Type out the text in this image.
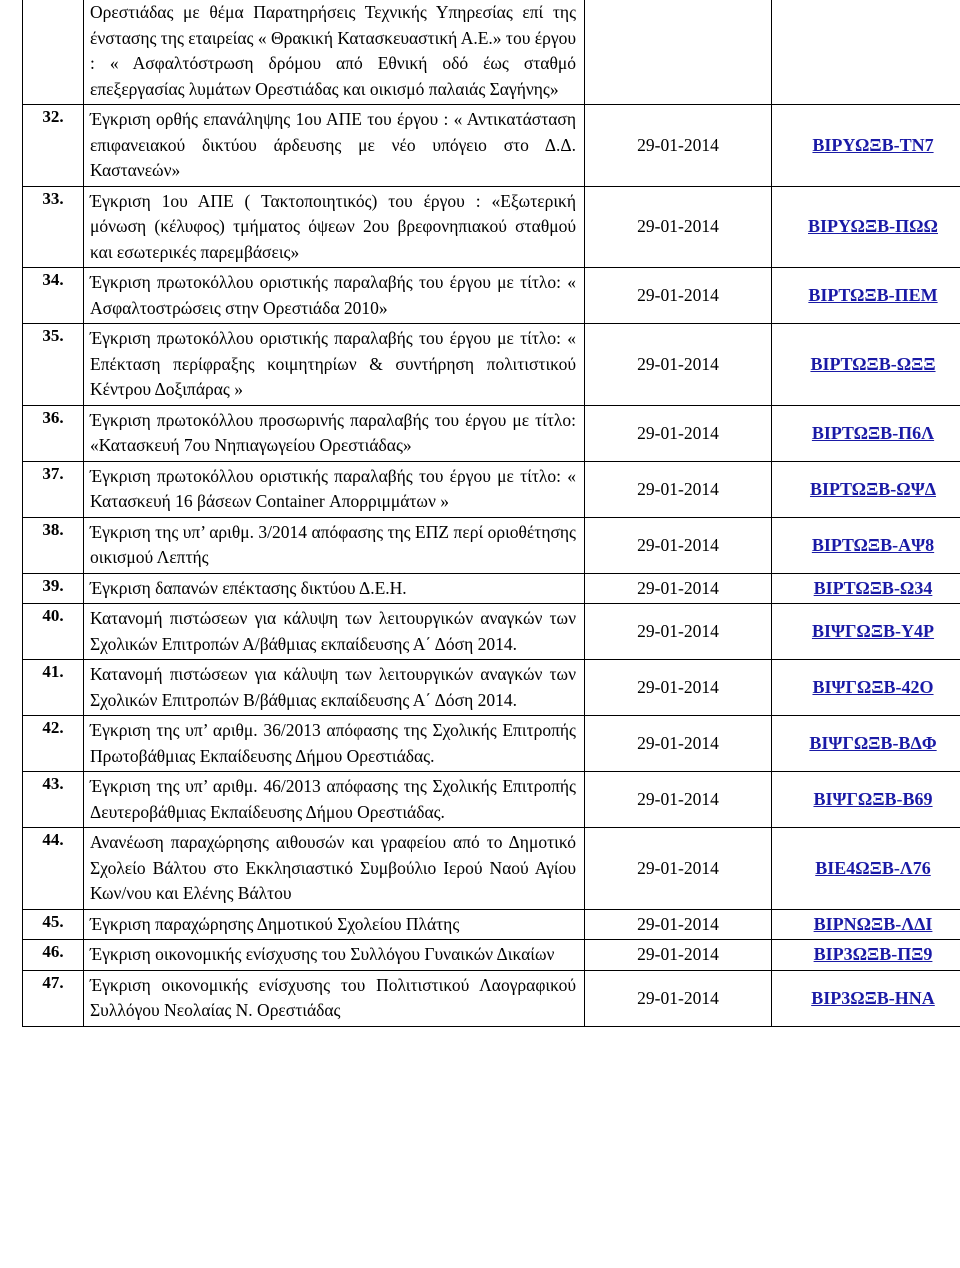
	Ορεστιάδας με θέμα Παρατηρήσεις Τεχνικής Υπηρεσίας επί της ένστασης της εταιρείας « Θρακική Κατασκευαστική Α.Ε.» του έργου : « Ασφαλτόστρωση δρόμου από Εθνική οδό έως σταθμό επεξεργασίας λυμάτων Ορεστιάδας και οικισμό παλαιάς Σαγήνης»		
32.	Έγκριση ορθής επανάληψης 1ου ΑΠΕ του έργου : « Αντικατάσταση επιφανειακού δικτύου άρδευσης με νέο υπόγειο στο Δ.Δ. Καστανεών»	29-01-2014	ΒΙΡΥΩΞΒ-ΤΝ7
33.	Έγκριση 1ου ΑΠΕ ( Τακτοποιητικός) του έργου : «Εξωτερική μόνωση (κέλυφος) τμήματος όψεων 2ου βρεφονηπιακού σταθμού και εσωτερικές παρεμβάσεις»	29-01-2014	ΒΙΡΥΩΞΒ-ΠΩΩ
34.	Έγκριση πρωτοκόλλου οριστικής παραλαβής του έργου με τίτλο: « Ασφαλτοστρώσεις στην Ορεστιάδα 2010»	29-01-2014	ΒΙΡΤΩΞΒ-ΠΕΜ
35.	Έγκριση πρωτοκόλλου οριστικής παραλαβής του έργου με τίτλο: « Επέκταση περίφραξης κοιμητηρίων & συντήρηση πολιτιστικού Κέντρου Δοξιπάρας »	29-01-2014	ΒΙΡΤΩΞΒ-ΩΞΞ
36.	Έγκριση πρωτοκόλλου προσωρινής παραλαβής του έργου με τίτλο: «Κατασκευή 7ου Νηπιαγωγείου Ορεστιάδας»	29-01-2014	ΒΙΡΤΩΞΒ-Π6Λ
37.	Έγκριση πρωτοκόλλου οριστικής παραλαβής του έργου με τίτλο: « Κατασκευή 16 βάσεων Container Απορριμμάτων »	29-01-2014	ΒΙΡΤΩΞΒ-ΩΨΔ
38.	Έγκριση της υπ’ αριθμ. 3/2014 απόφασης της ΕΠΖ περί οριοθέτησης οικισμού Λεπτής	29-01-2014	ΒΙΡΤΩΞΒ-ΑΨ8
39.	Έγκριση δαπανών επέκτασης δικτύου Δ.Ε.Η.	29-01-2014	ΒΙΡΤΩΞΒ-Ω34
40.	Κατανομή πιστώσεων για κάλυψη των λειτουργικών αναγκών των Σχολικών Επιτροπών Α/βάθμιας εκπαίδευσης Α΄ Δόση 2014.	29-01-2014	ΒΙΨΓΩΞΒ-Υ4Ρ
41.	Κατανομή πιστώσεων για κάλυψη των λειτουργικών αναγκών των Σχολικών Επιτροπών Β/βάθμιας εκπαίδευσης Α΄ Δόση 2014.	29-01-2014	ΒΙΨΓΩΞΒ-42Ο
42.	Έγκριση της υπ’ αριθμ. 36/2013 απόφασης της Σχολικής Επιτροπής Πρωτοβάθμιας Εκπαίδευσης Δήμου Ορεστιάδας.	29-01-2014	ΒΙΨΓΩΞΒ-ΒΔΦ
43.	Έγκριση της υπ’ αριθμ. 46/2013 απόφασης της Σχολικής Επιτροπής Δευτεροβάθμιας Εκπαίδευσης Δήμου Ορεστιάδας.	29-01-2014	ΒΙΨΓΩΞΒ-Β69
44.	Ανανέωση παραχώρησης αιθουσών και γραφείου από το Δημοτικό Σχολείο Βάλτου στο Εκκλησιαστικό Συμβούλιο Ιερού Ναού Αγίου Κων/νου και Ελένης Βάλτου	29-01-2014	ΒΙΕ4ΩΞΒ-Λ76
45.	Έγκριση παραχώρησης Δημοτικού Σχολείου Πλάτης	29-01-2014	ΒΙΡΝΩΞΒ-ΛΔΙ
46.	Έγκριση οικονομικής ενίσχυσης του Συλλόγου Γυναικών Δικαίων	29-01-2014	ΒΙΡ3ΩΞΒ-ΠΞ9
47.	Έγκριση οικονομικής ενίσχυσης του Πολιτιστικού Λαογραφικού Συλλόγου Νεολαίας Ν. Ορεστιάδας	29-01-2014	ΒΙΡ3ΩΞΒ-ΗΝΑ
